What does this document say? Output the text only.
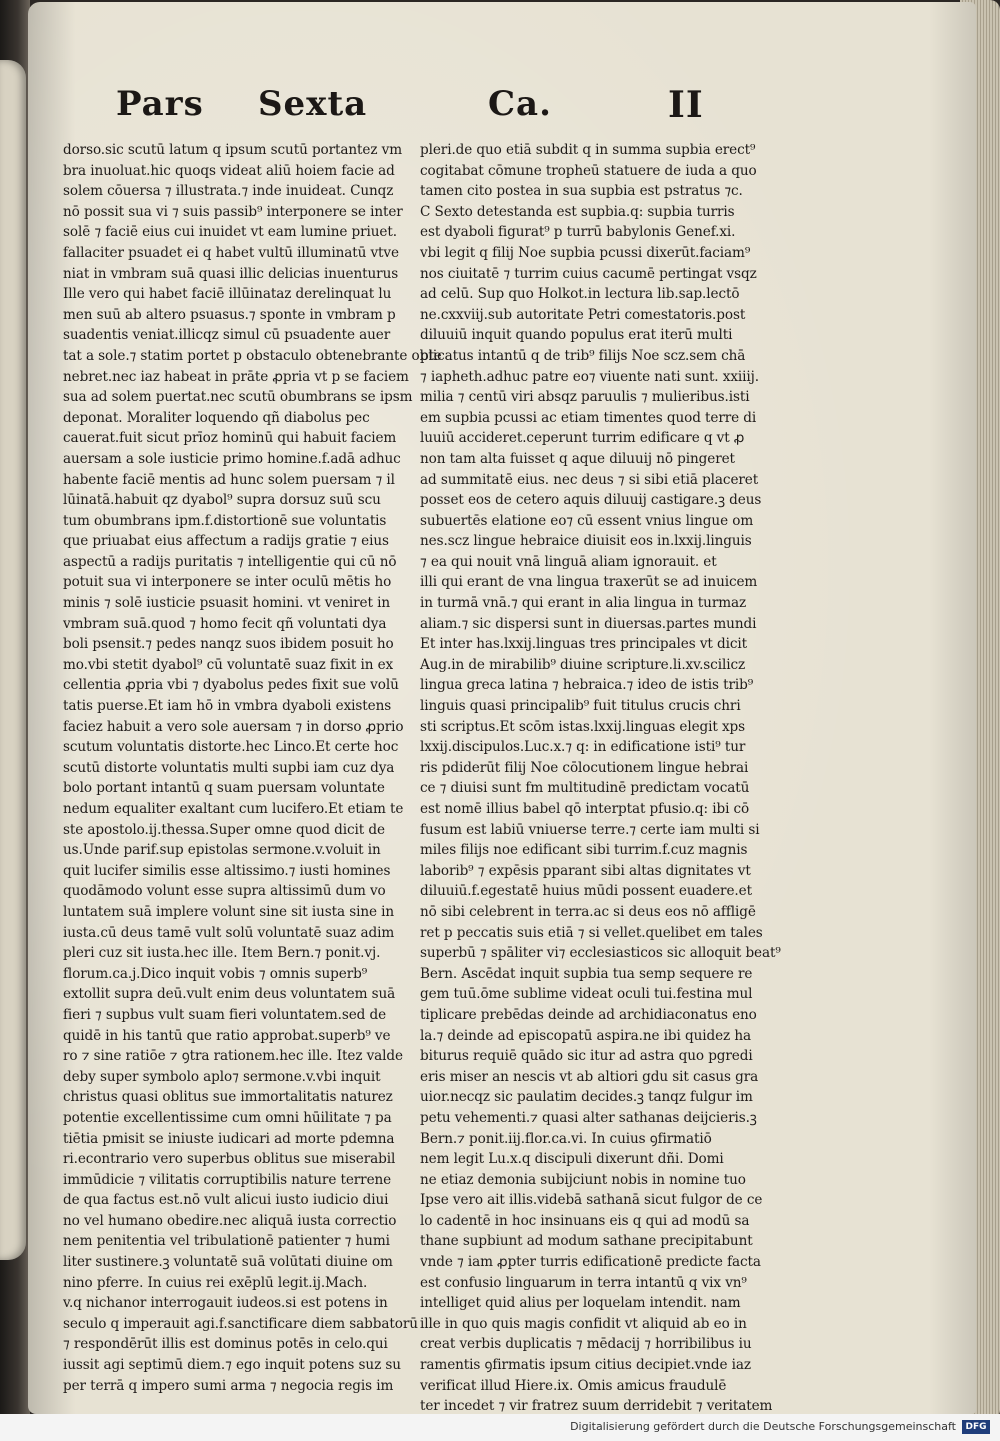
Pars Sexta	Ca.	II
dorso.sic scutū latum q ipsum scutū portantez vm
bra inuoluat.hic quoqs videat aliū hoiem facie ad
solem cōuersa ⁊ illustrata.⁊ inde inuideat. Cunqz
nō possit sua vi ⁊ suis passib⁹ interponere se inter
solē ⁊ faciē eius cui inuidet vt eam lumine priuet.
fallaciter psuadet ei q habet vultū illuminatū vtve
niat in vmbram suā quasi illic delicias inuenturus
Ille vero qui habet faciē illūinataz derelinquat lu
men suū ab altero psuasus.⁊ sponte in vmbram p
suadentis veniat.illicqz simul cū psuadente auer
tat a sole.⁊ statim portet p obstaculo obtenebrante obte
nebret.nec iaz habeat in prāte ꝓpria vt p se faciem
sua ad solem puertat.nec scutū obumbrans se ipsm
deponat. Moraliter loquendo qñ diabolus pec
cauerat.fuit sicut prīoz hominū qui habuit faciem
auersam a sole iusticie primo homine.f.adā adhuc
habente faciē mentis ad hunc solem puersam ⁊ il
lūinatā.habuit qz dyabol⁹ supra dorsuz suū scu
tum obumbrans ipm.f.distortionē sue voluntatis
que priuabat eius affectum a radijs gratie ⁊ eius
aspectū a radijs puritatis ⁊ intelligentie qui cū nō
potuit sua vi interponere se inter oculū mētis ho
minis ⁊ solē iusticie psuasit homini. vt veniret in
vmbram suā.quod ⁊ homo fecit qñ voluntati dya
boli psensit.⁊ pedes nanqz suos ibidem posuit ho
mo.vbi stetit dyabol⁹ cū voluntatē suaz fixit in ex
cellentia ꝓpria vbi ⁊ dyabolus pedes fixit sue volū
tatis puerse.Et iam hō in vmbra dyaboli existens
faciez habuit a vero sole auersam ⁊ in dorso ꝓprio
scutum voluntatis distorte.hec Linco.Et certe hoc
scutū distorte voluntatis multi supbi iam cuz dya
bolo portant intantū q suam puersam voluntate
nedum equaliter exaltant cum lucifero.Et etiam te
ste apostolo.ij.thessa.Super omne quod dicit de
us.Unde parif.sup epistolas sermone.v.voluit in
quit lucifer similis esse altissimo.⁊ iusti homines
quodāmodo volunt esse supra altissimū dum vo
luntatem suā implere volunt sine sit iusta sine in
iusta.cū deus tamē vult solū voluntatē suaz adim
pleri cuz sit iusta.hec ille. Item Bern.⁊ ponit.vj.
florum.ca.j.Dico inquit vobis ⁊ omnis superb⁹
extollit supra deū.vult enim deus voluntatem suā
fieri ⁊ supbus vult suam fieri voluntatem.sed de
quidē in his tantū que ratio approbat.superb⁹ ve
ro ⁊ sine ratiōe ⁊ ꝯtra rationem.hec ille. Itez valde
deby super symbolo aplo⁊ sermone.v.vbi inquit
christus quasi oblitus sue immortalitatis naturez
potentie excellentissime cum omni hūilitate ⁊ pa
tiētia pmisit se iniuste iudicari ad morte pdemna
ri.econtrario vero superbus oblitus sue miserabil
immūdicie ⁊ vilitatis corruptibilis nature terrene
de qua factus est.nō vult alicui iusto iudicio diui
no vel humano obedire.nec aliquā iusta correctio
nem penitentia vel tribulationē patienter ⁊ humi
liter sustinere.ꝫ voluntatē suā volūtati diuine om
nino pferre. In cuius rei exēplū legit.ij.Mach.
v.q nichanor interrogauit iudeos.si est potens in
seculo q imperauit agi.f.sanctificare diem sabbatorū
⁊ respondērūt illis est dominus potēs in celo.qui
iussit agi septimū diem.⁊ ego inquit potens suz su
per terrā q impero sumi arma ⁊ negocia regis im
pleri.de quo etiā subdit q in summa supbia erect⁹
cogitabat cōmune tropheū statuere de iuda a quo
tamen cito postea in sua supbia est pstratus ⁊c.
C Sexto detestanda est supbia.q: supbia turris
est dyaboli figurat⁹ p turrū babylonis Genef.xi.
vbi legit q filij Noe supbia pcussi dixerūt.faciam⁹
nos ciuitatē ⁊ turrim cuius cacumē pertingat vsqz
ad celū. Sup quo Holkot.in lectura lib.sap.lectō
ne.cxxviij.sub autoritate Petri comestatoris.post
diluuiū inquit quando populus erat iterū multi
plicatus intantū q de trib⁹ filijs Noe scz.sem chā
⁊ iapheth.adhuc patre eo⁊ viuente nati sunt. xxiiij.
milia ⁊ centū viri absqz paruulis ⁊ mulieribus.isti
em supbia pcussi ac etiam timentes quod terre di
luuiū accideret.ceperunt turrim edificare q vt ꝓ
non tam alta fuisset q aque diluuij nō pingeret
ad summitatē eius. nec deus ⁊ si sibi etiā placeret
posset eos de cetero aquis diluuij castigare.ꝫ deus
subuertēs elatione eo⁊ cū essent vnius lingue om
nes.scz lingue hebraice diuisit eos in.lxxij.linguis
⁊ ea qui nouit vnā linguā aliam ignorauit. et
illi qui erant de vna lingua traxerūt se ad inuicem
in turmā vnā.⁊ qui erant in alia lingua in turmaz
aliam.⁊ sic dispersi sunt in diuersas.partes mundi
Et inter has.lxxij.linguas tres principales vt dicit
Aug.in de mirabilib⁹ diuine scripture.li.xv.scilicz
lingua greca latina ⁊ hebraica.⁊ ideo de istis trib⁹
linguis quasi principalib⁹ fuit titulus crucis chri
sti scriptus.Et scōm istas.lxxij.linguas elegit xps
lxxij.discipulos.Luc.x.⁊ q: in edificatione isti⁹ tur
ris pdiderūt filij Noe cōlocutionem lingue hebrai
ce ⁊ diuisi sunt fm multitudinē predictam vocatū
est nomē illius babel qō interptat pfusio.q: ibi cō
fusum est labiū vniuerse terre.⁊ certe iam multi si
miles filijs noe edificant sibi turrim.f.cuz magnis
laborib⁹ ⁊ expēsis pparant sibi altas dignitates vt
diluuiū.f.egestatē huius mūdi possent euadere.et
nō sibi celebrent in terra.ac si deus eos nō affligē
ret p peccatis suis etiā ⁊ si vellet.quelibet em tales
superbū ⁊ spāliter vi⁊ ecclesiasticos sic alloquit beat⁹
Bern. Ascēdat inquit supbia tua semp sequere re
gem tuū.ōme sublime videat oculi tui.festina mul
tiplicare prebēdas deinde ad archidiaconatus eno
la.⁊ deinde ad episcopatū aspira.ne ibi quidez ha
biturus requiē quādo sic itur ad astra quo pgredi
eris miser an nescis vt ab altiori gdu sit casus gra
uior.necqz sic paulatim decides.ꝫ tanqz fulgur im
petu vehementi.⁊ quasi alter sathanas deijcieris.ꝫ
Bern.⁊ ponit.iij.flor.ca.vi. In cuius ꝯfirmatiō
nem legit Lu.x.q discipuli dixerunt dñi. Domi
ne etiaz demonia subijciunt nobis in nomine tuo
Ipse vero ait illis.videbā sathanā sicut fulgor de ce
lo cadentē in hoc insinuans eis q qui ad modū sa
thane supbiunt ad modum sathane precipitabunt
vnde ⁊ iam ꝓpter turris edificationē predicte facta
est confusio linguarum in terra intantū q vix vn⁹
intelliget quid alius per loquelam intendit. nam
ille in quo quis magis confidit vt aliquid ab eo in
creat verbis duplicatis ⁊ mēdacij ⁊ horribilibus iu
ramentis ꝯfirmatis ipsum citius decipiet.vnde iaz
verificat illud Hiere.ix. Omis amicus fraudulē
ter incedet ⁊ vir fratrez suum derridebit ⁊ veritatem
Digitalisierung gefördert durch die Deutsche Forschungsgemeinschaft	DFG
